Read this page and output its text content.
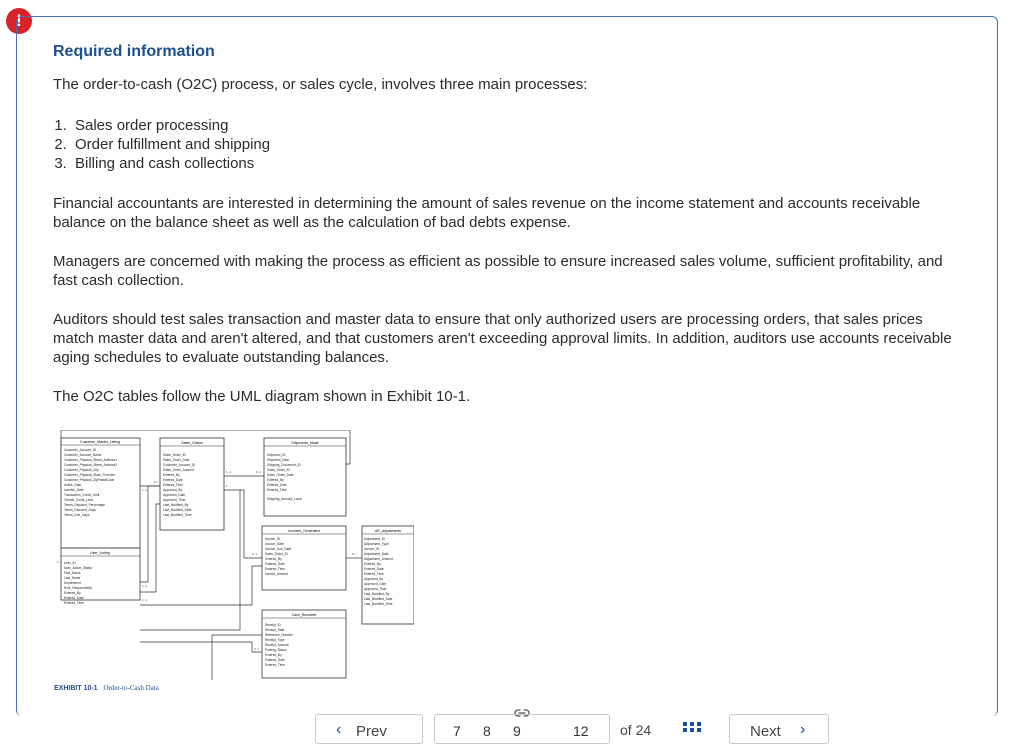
!
Required information

The order-to-cash (O2C) process, or sales cycle, involves three main processes:

1. Sales order processing
2. Order fulfillment and shipping
3. Billing and cash collections

Financial accountants are interested in determining the amount of sales revenue on the income statement and accounts receivable balance on the balance sheet as well as the calculation of bad debts expense.

Managers are concerned with making the process as efficient as possible to ensure increased sales volume, sufficient profitability, and fast cash collection.

Auditors should test sales transaction and master data to ensure that only authorized users are processing orders, that sales prices match master data and aren't altered, and that customers aren't exceeding approval limits. In addition, auditors use accounts receivable aging schedules to evaluate outstanding balances.

The O2C tables follow the UML diagram shown in Exhibit 10-1.

Customer_Master_Listing
Customer_Account_ID
Customer_Account_Name
Customer_Physical_Street_Address1
Customer_Physical_Street_Address2
Customer_Physical_City
Customer_Physical_State_Province
Customer_Physical_ZipPostalCode
Active_Date
Inactive_Date
Transaction_Credit_Limit
Overall_Credit_Limit
Terms_Discount_Percentage
Terms_Discount_Days
Terms_Due_Days
Sales_Orders
Sales_Order_ID
Sales_Order_Date
Customer_Account_ID
Sales_Order_Amount
Entered_By
Entered_Date
Entered_Time
Approved_By
Approved_Date
Approved_Time
Last_Modified_By
Last_Modified_Date
Last_Modified_Time
Shipments_Made
Shipment_ID
Shipment_Date
Shipping_Document_ID
Sales_Order_ID
Sales_Order_Date
Entered_By
Entered_Date
Entered_Time
Shipping_Amount_Local
User_Listing
User_ID
User_Active_Status
First_Name
Last_Name
Department
Role_Responsibility
Entered_By
Entered_Date
Entered_Time
Invoices_Generated
Invoice_ID
Invoice_Date
Invoice_Due_Date
Sales_Order_ID
Entered_By
Entered_Date
Entered_Time
Invoice_Amount
AR_Adjustments
Adjustment_ID
Adjustment_Type
Invoice_ID
Adjustment_Date
Adjustment_Amount
Entered_By
Entered_Date
Entered_Time
Approved_By
Approved_Date
Approved_Time
Last_Modified_By
Last_Modified_Date
Last_Modified_Time
Cash_Received
Receipt_ID
Receipt_Date
Reference_Number
Receipt_Type
Receipt_Amount
Posting_Status
Entered_By
Entered_Date
Entered_Time
1..1
0..*
1..1	0..1
1
0..1	0..*
1..1
1..1
0..1
1..1
EXHIBIT 10-1 Order-to-Cash Data
‹ Prev	7 8 9	12 of 24	Next ›
